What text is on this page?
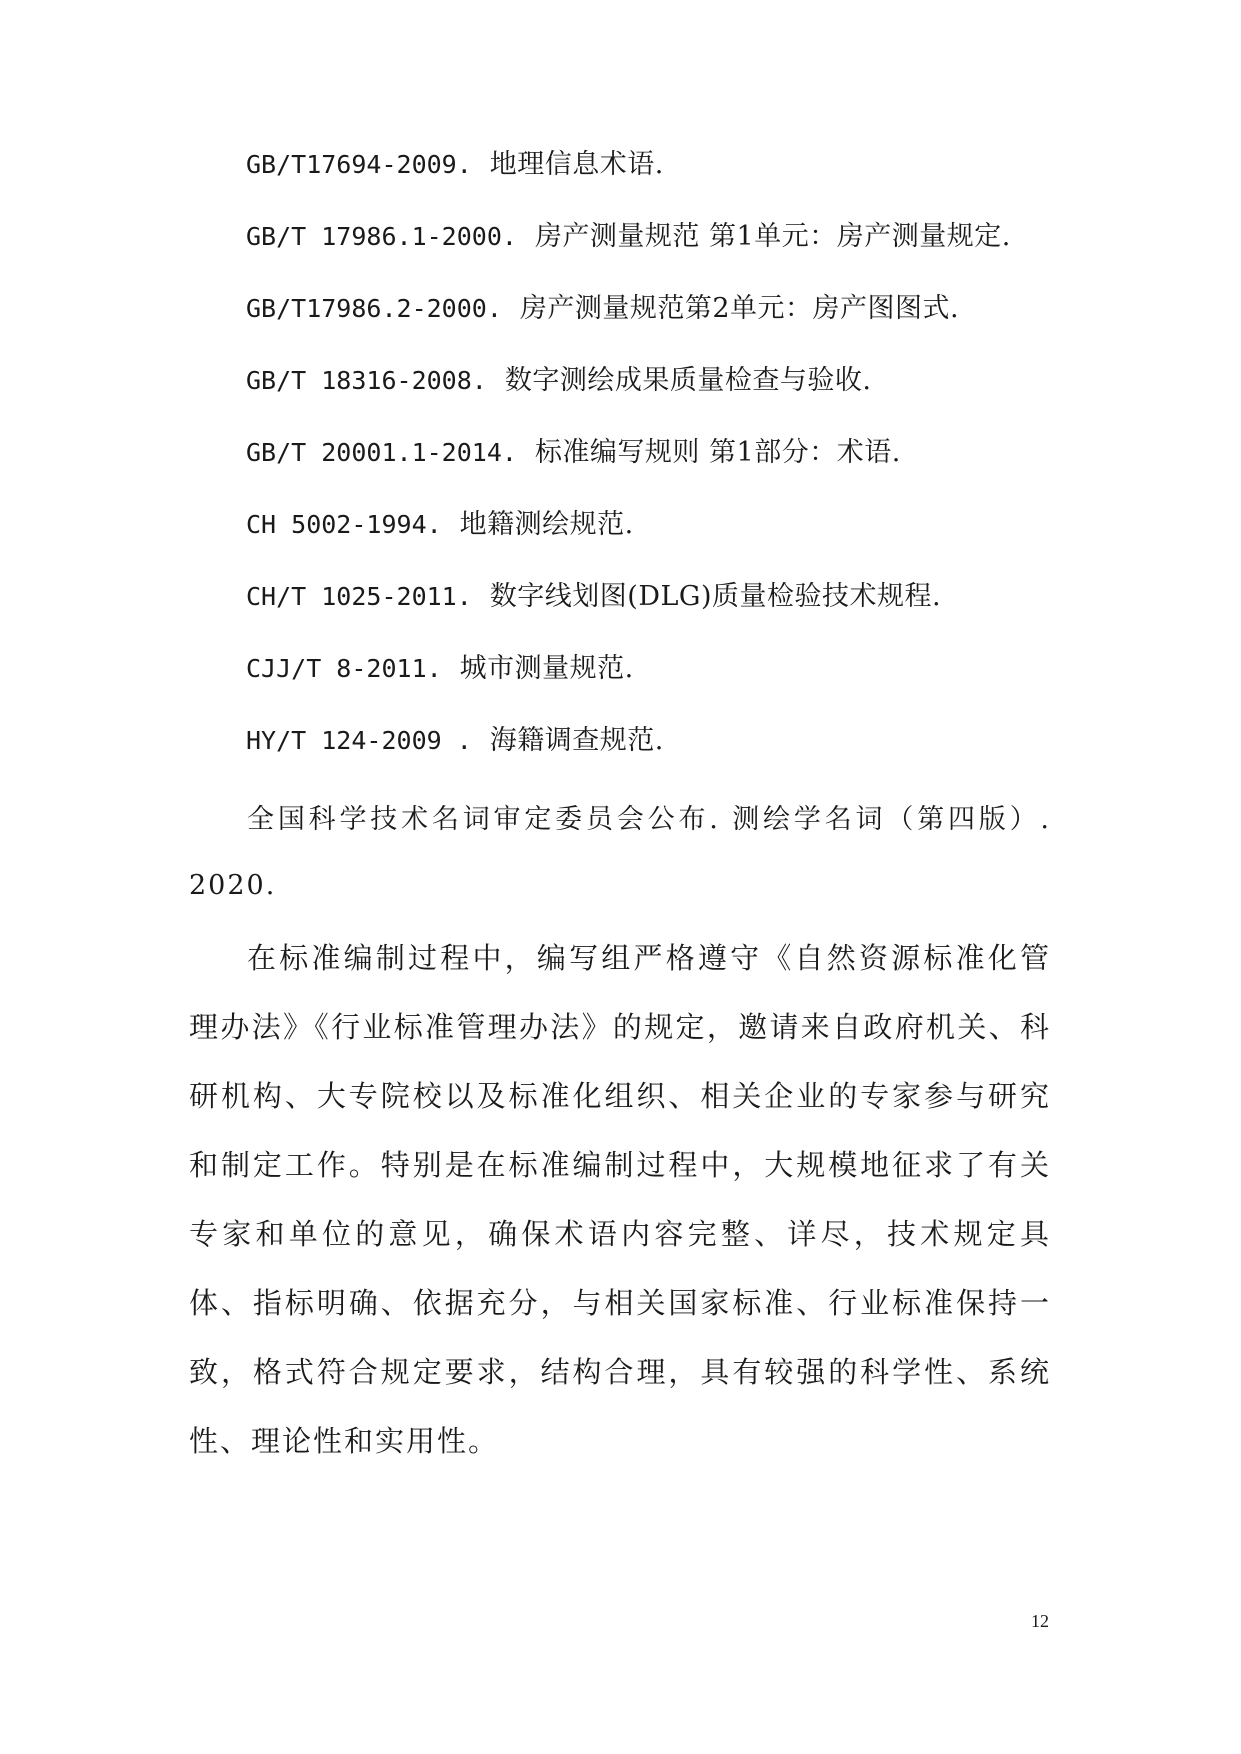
GB/T17694-2009. 地理信息术语.
GB/T 17986.1-2000. 房产测量规范 第1单元：房产测量规定.
GB/T17986.2-2000. 房产测量规范第2单元：房产图图式.
GB/T 18316-2008. 数字测绘成果质量检查与验收.
GB/T 20001.1-2014. 标准编写规则 第1部分：术语.
CH 5002-1994. 地籍测绘规范.
CH/T 1025-2011. 数字线划图(DLG)质量检验技术规程.
CJJ/T 8-2011. 城市测量规范.
HY/T 124-2009 . 海籍调查规范.
全国科学技术名词审定委员会公布. 测绘学名词（第四版）. 2020.
在标准编制过程中，编写组严格遵守《自然资源标准化管理办法》《行业标准管理办法》的规定，邀请来自政府机关、科研机构、大专院校以及标准化组织、相关企业的专家参与研究和制定工作。特别是在标准编制过程中，大规模地征求了有关专家和单位的意见，确保术语内容完整、详尽，技术规定具体、指标明确、依据充分，与相关国家标准、行业标准保持一致，格式符合规定要求，结构合理，具有较强的科学性、系统性、理论性和实用性。
12
